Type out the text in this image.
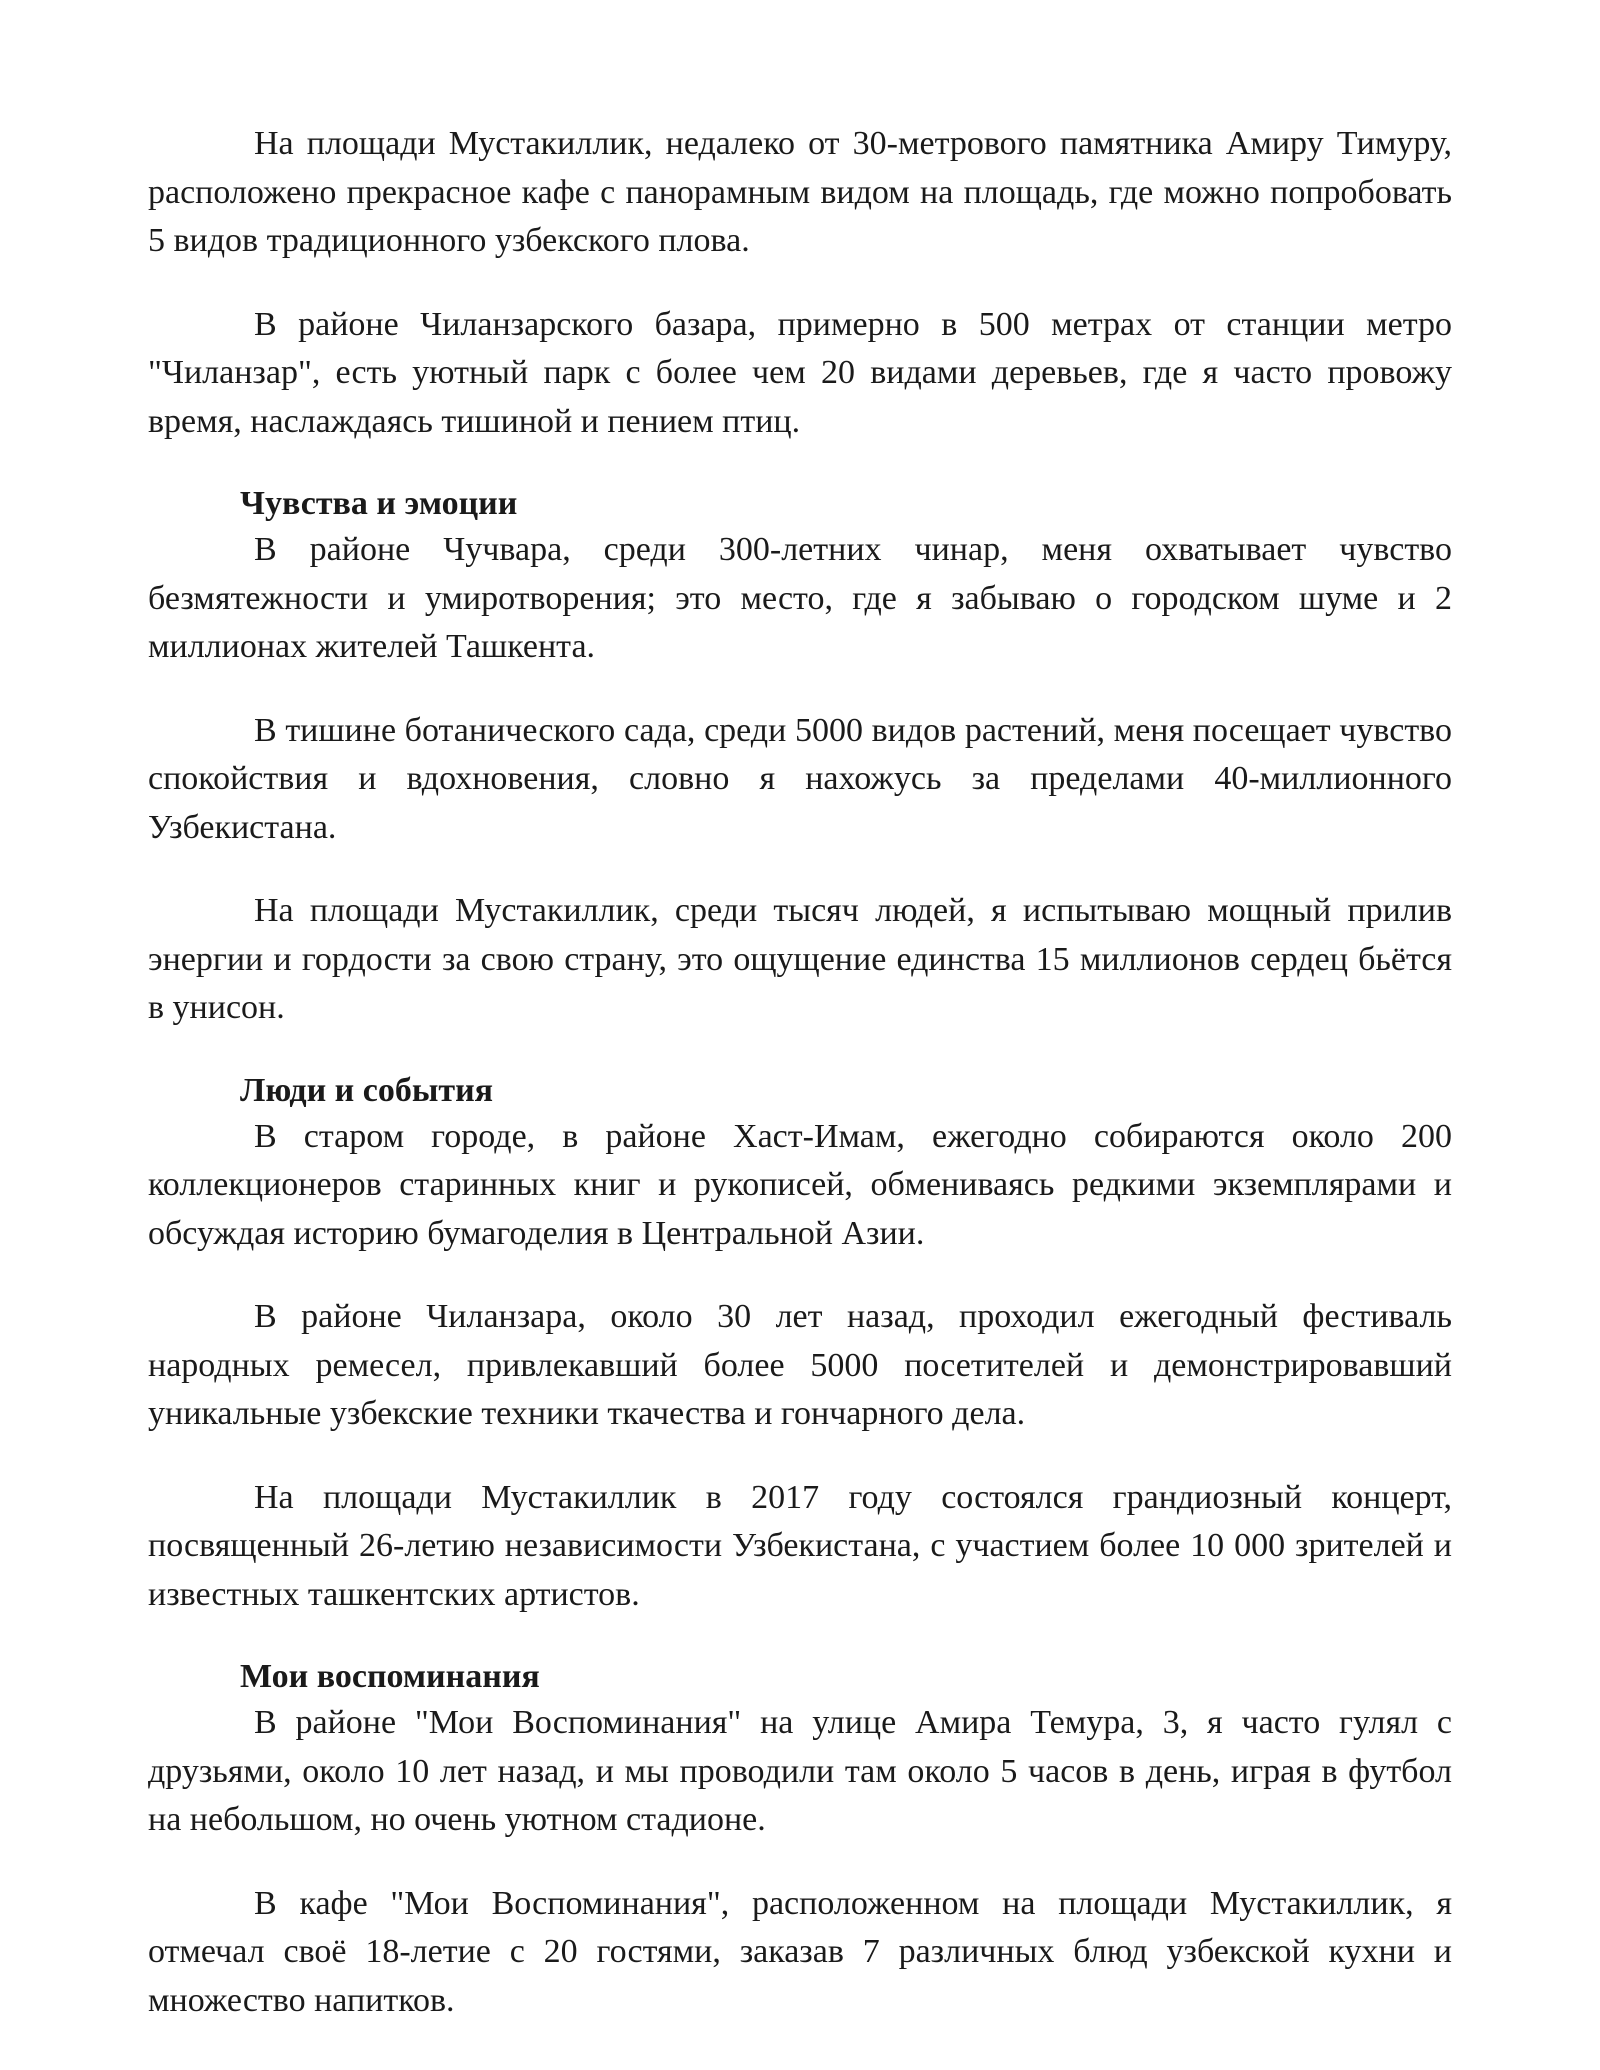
На площади Мустакиллик, недалеко от 30-метрового памятника Амиру Тимуру, расположено прекрасное кафе с панорамным видом на площадь, где можно попробовать 5 видов традиционного узбекского плова.

В районе Чиланзарского базара, примерно в 500 метрах от станции метро "Чиланзар", есть уютный парк с более чем 20 видами деревьев, где я часто провожу время, наслаждаясь тишиной и пением птиц.

Чувства и эмоции

В районе Чучвара, среди 300-летних чинар, меня охватывает чувство безмятежности и умиротворения; это место, где я забываю о городском шуме и 2 миллионах жителей Ташкента.

В тишине ботанического сада, среди 5000 видов растений, меня посещает чувство спокойствия и вдохновения, словно я нахожусь за пределами 40-миллионного Узбекистана.

На площади Мустакиллик, среди тысяч людей, я испытываю мощный прилив энергии и гордости за свою страну, это ощущение единства 15 миллионов сердец бьётся в унисон.

Люди и события

В старом городе, в районе Хаст-Имам, ежегодно собираются около 200 коллекционеров старинных книг и рукописей, обмениваясь редкими экземплярами и обсуждая историю бумагоделия в Центральной Азии.

В районе Чиланзара, около 30 лет назад, проходил ежегодный фестиваль народных ремесел, привлекавший более 5000 посетителей и демонстрировавший уникальные узбекские техники ткачества и гончарного дела.

На площади Мустакиллик в 2017 году состоялся грандиозный концерт, посвященный 26-летию независимости Узбекистана, с участием более 10 000 зрителей и известных ташкентских артистов.

Мои воспоминания

В районе "Мои Воспоминания" на улице Амира Темура, 3, я часто гулял с друзьями, около 10 лет назад, и мы проводили там около 5 часов в день, играя в футбол на небольшом, но очень уютном стадионе.

В кафе "Мои Воспоминания", расположенном на площади Мустакиллик, я отмечал своё 18-летие с 20 гостями, заказав 7 различных блюд узбекской кухни и множество напитков.
